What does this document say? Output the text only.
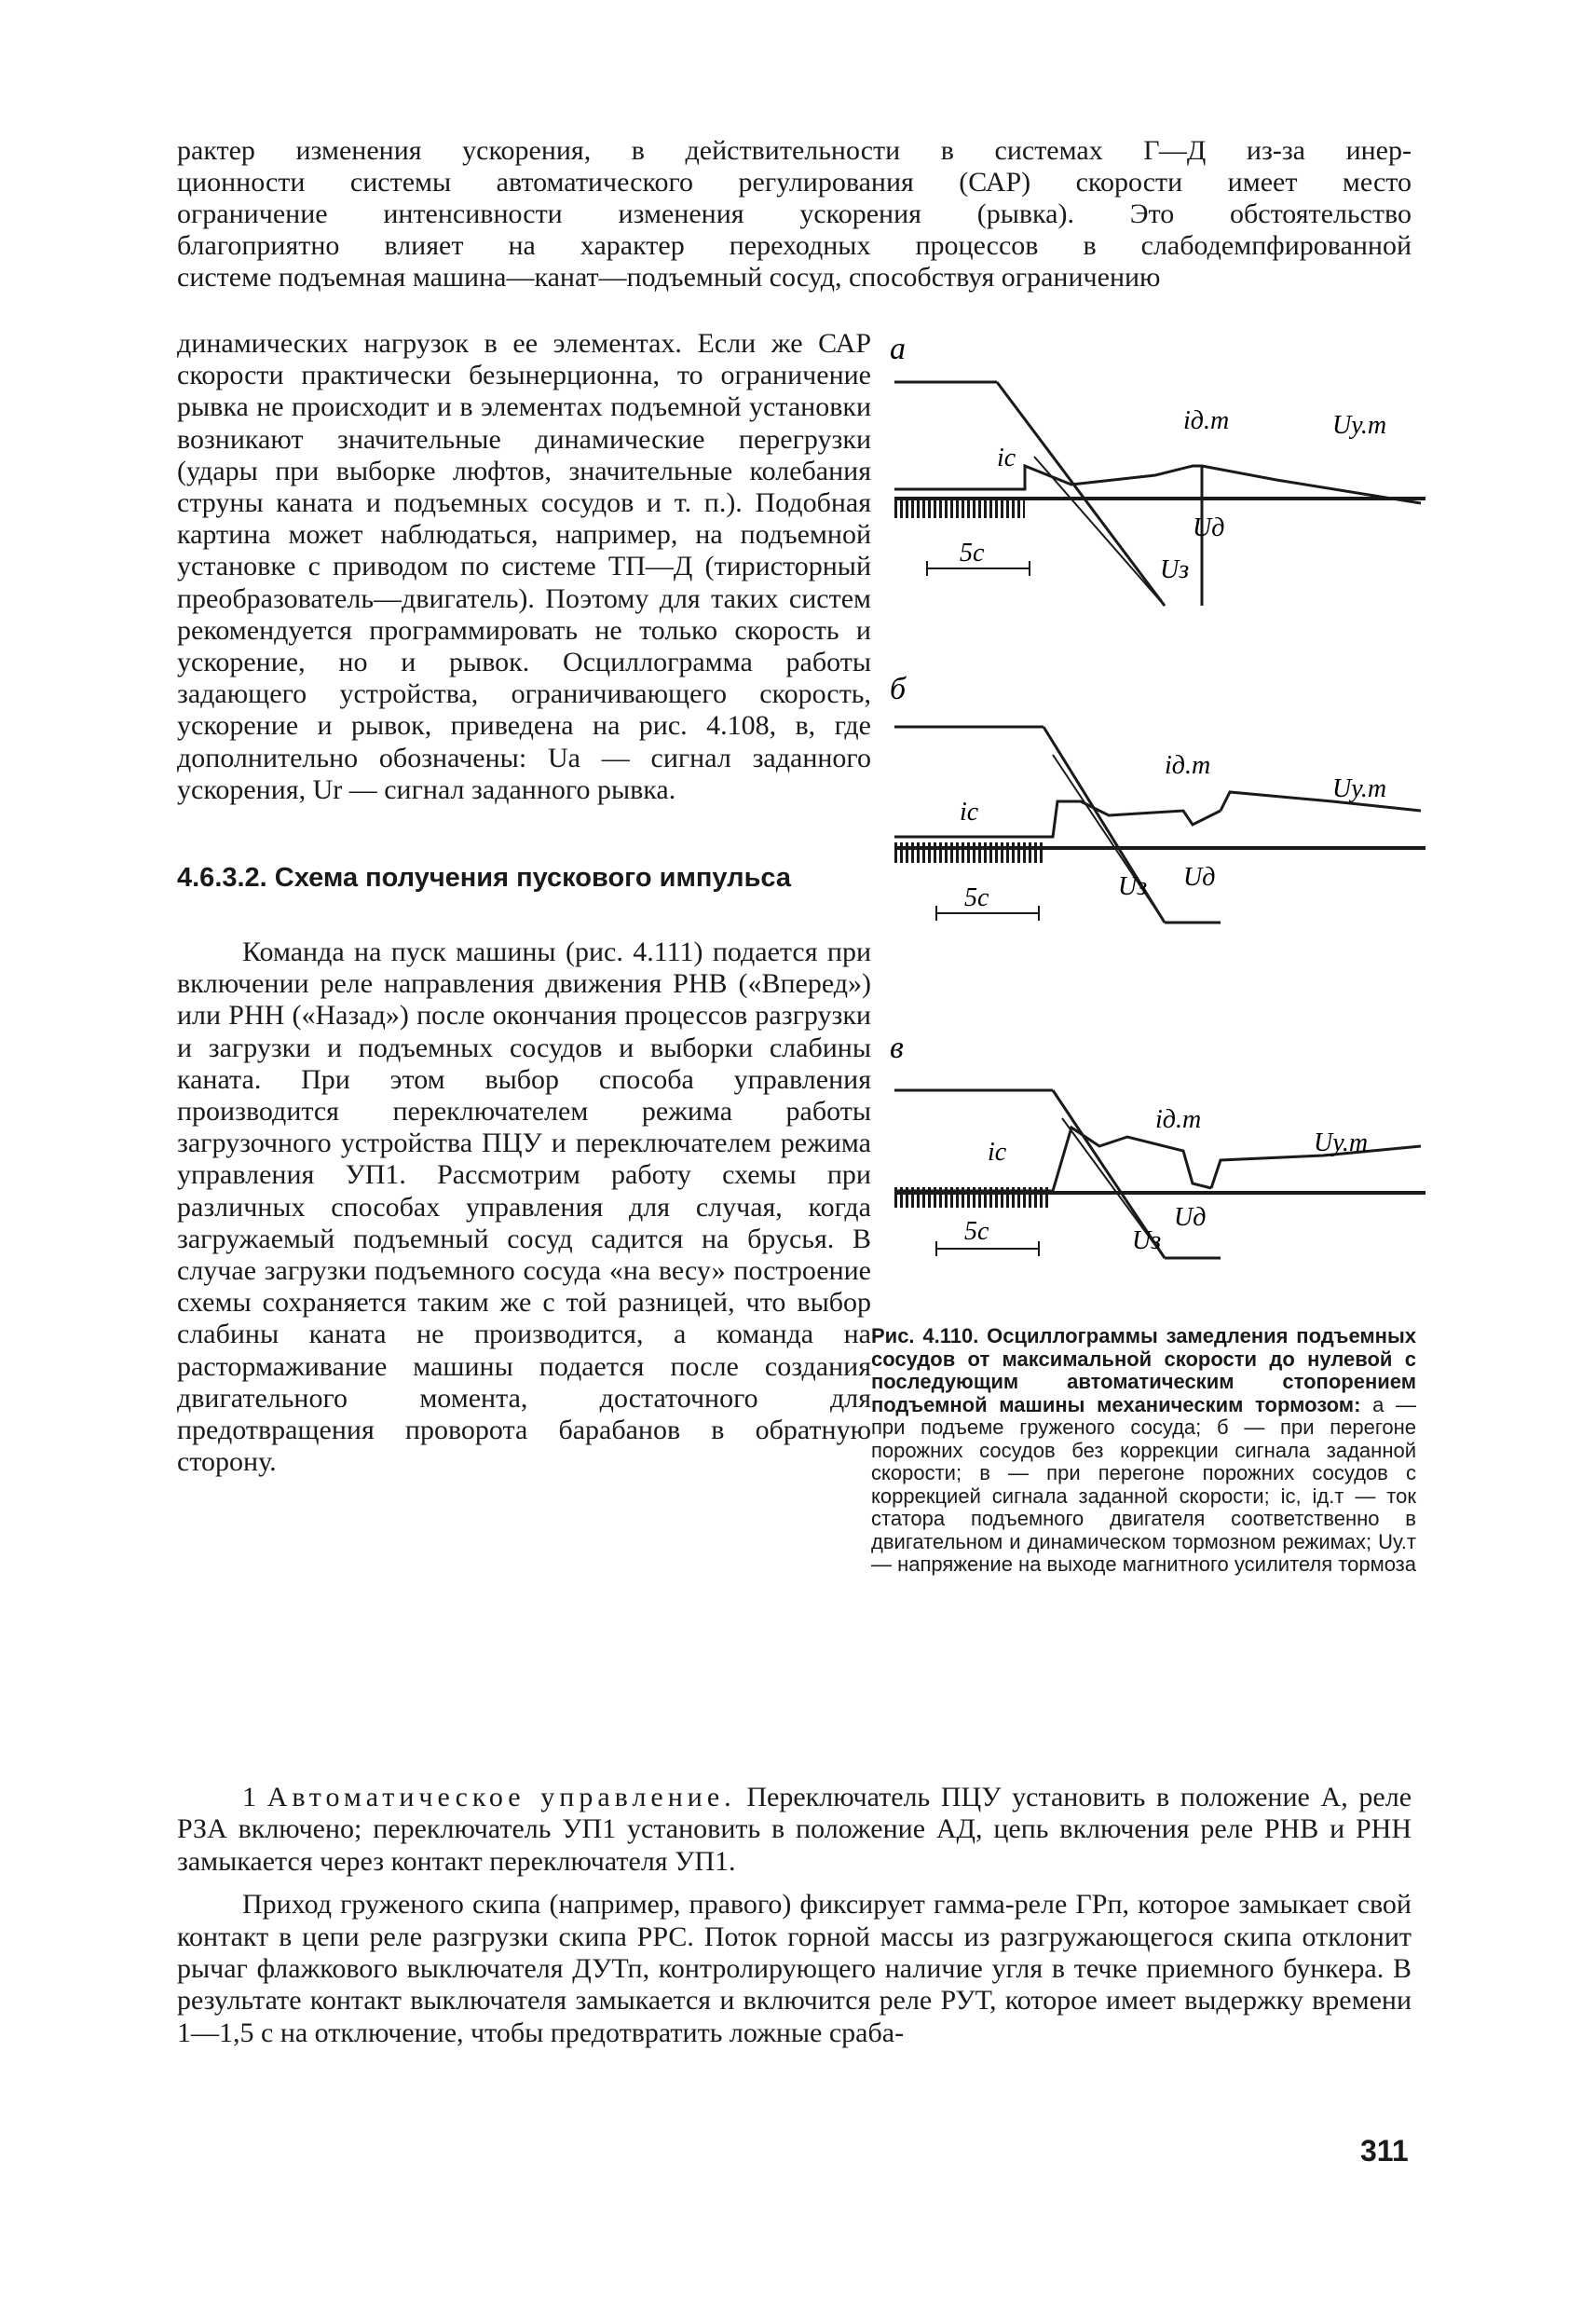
рактер изменения ускорения, в действительности в системах Г—Д из-за инер-
ционности системы автоматического регулирования (САР) скорости имеет место
ограничение интенсивности изменения ускорения (рывка). Это обстоятельство
благоприятно влияет на характер переходных процессов в слабодемпфированной
системе подъемная машина—канат—подъемный сосуд, способствуя ограничению

динамических нагрузок в ее элементах. Если же САР скорости практически безынерционна, то ограничение рывка не происходит и в элементах подъемной установки возникают значительные динамические перегрузки (удары при выборке люфтов, значительные колебания струны каната и подъемных сосудов и т. п.). Подобная картина может наблюдаться, например, на подъемной установке с приводом по системе ТП—Д (тиристорный преобразователь—двигатель). Поэтому для таких систем рекомендуется программировать не только скорость и ускорение, но и рывок. Осциллограмма работы задающего устройства, ограничивающего скорость, ускорение и рывок, приведена на рис. 4.108, в, где дополнительно обозначены: Ua — сигнал заданного ускорения, Ur — сигнал заданного рывка.

4.6.3.2. Схема получения пускового импульса

Команда на пуск машины (рис. 4.111) подается при включении реле направления движения РНВ («Вперед») или РНН («Назад») после окончания процессов разгрузки и загрузки и подъемных сосудов и выборки слабины каната. При этом выбор способа управления производится переключателем режима работы загрузочного устройства ПЦУ и переключателем режима управления УП1. Рассмотрим работу схемы при различных способах управления для случая, когда загружаемый подъемный сосуд садится на брусья. В случае загрузки подъемного сосуда «на весу» построение схемы сохраняется таким же с той разницей, что выбор слабины каната не производится, а команда на растормаживание машины подается после создания двигательного момента, достаточного для предотвращения проворота барабанов в обратную сторону.

а
ic
iд.т	Uу.т
Uд
Uз
5c
б
ic
iд.т
Uу.т
Uд
Uз
5c
в
ic
iд.т
Uу.т
Uд
Uз
5c
Рис. 4.110. Осциллограммы замедления подъемных сосудов от максимальной скорости до нулевой с последующим автоматическим стопорением подъемной машины механическим тормозом: а — при подъеме груженого сосуда; б — при перегоне порожних сосудов без коррекции сигнала заданной скорости; в — при перегоне порожних сосудов с коррекцией сигнала заданной скорости; ic, iд.т — ток статора подъемного двигателя соответственно в двигательном и динамическом тормозном режимах; Uу.т — напряжение на выходе магнитного усилителя тормоза

1 Автоматическое управление. Переключатель ПЦУ установить в положение А, реле РЗА включено; переключатель УП1 установить в положение АД, цепь включения реле РНВ и РНН замыкается через контакт переключателя УП1.

Приход груженого скипа (например, правого) фиксирует гамма-реле ГРп, которое замыкает свой контакт в цепи реле разгрузки скипа РРС. Поток горной массы из разгружающегося скипа отклонит рычаг флажкового выключателя ДУТп, контролирующего наличие угля в течке приемного бункера. В результате контакт выключателя замыкается и включится реле РУТ, которое имеет выдержку времени 1—1,5 с на отключение, чтобы предотвратить ложные сраба-

311
